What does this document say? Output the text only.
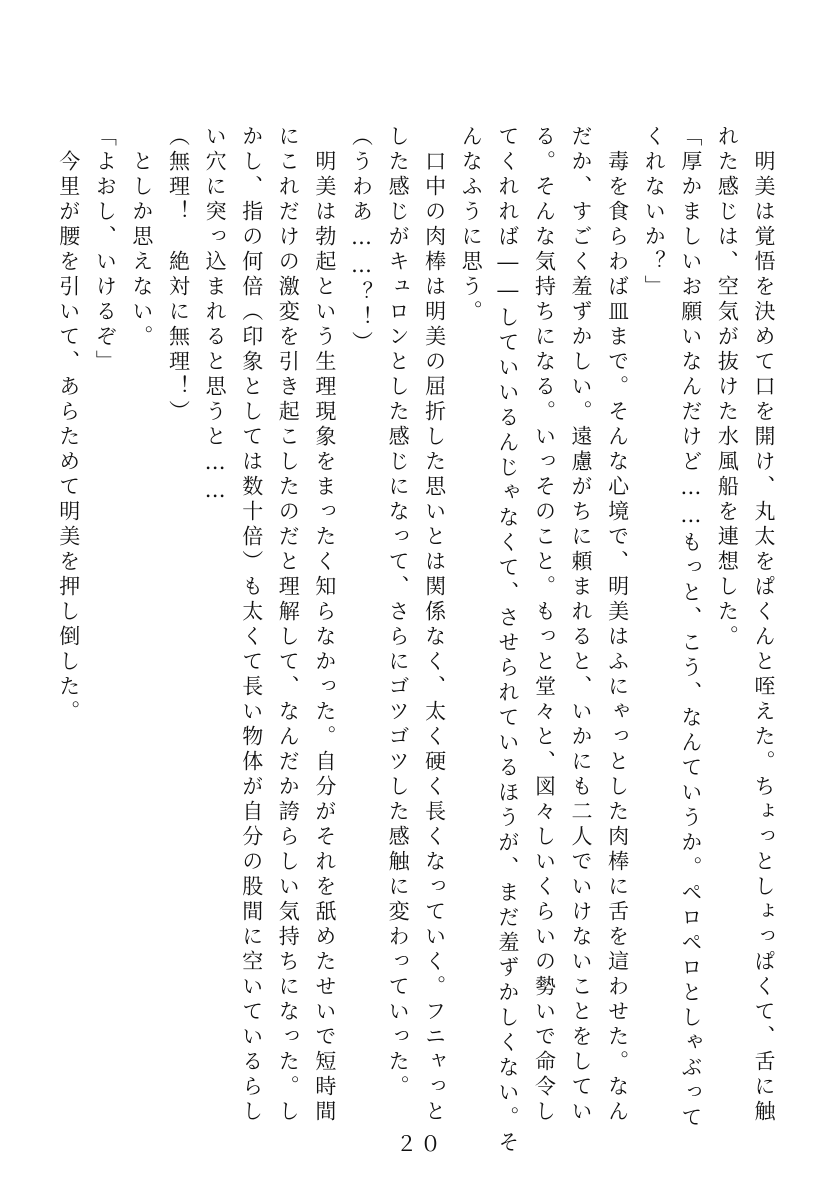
　明美は覚悟を決めて口を開け、丸太をぱくんと咥えた。ちょっとしょっぱくて、舌に触

れた感じは、空気が抜けた水風船を連想した。

「厚かましいお願いなんだけど……もっと、こう、なんていうか。ペロペロとしゃぶって

くれないか？」

　毒を食らわば皿まで。そんな心境で、明美はふにゃっとした肉棒に舌を這わせた。なん

だか、すごく羞ずかしい。遠慮がちに頼まれると、いかにも二人でいけないことをしてい

る。そんな気持ちになる。いっそのこと。もっと堂々と、図々しいくらいの勢いで命令し

てくれれば――していいるんじゃなくて、させられているほうが、まだ羞ずかしくない。そ

んなふうに思う。

　口中の肉棒は明美の屈折した思いとは関係なく、太く硬く長くなっていく。フニャっと

した感じがキュロンとした感じになって、さらにゴツゴツした感触に変わっていった。

（うわあ……？！）

　明美は勃起という生理現象をまったく知らなかった。自分がそれを舐めたせいで短時間

にこれだけの激変を引き起こしたのだと理解して、なんだか誇らしい気持ちになった。し

かし、指の何倍（印象としては数十倍）も太くて長い物体が自分の股間に空いているらし

い穴に突っ込まれると思うと……

（無理！　絶対に無理！）

　としか思えない。

「よおし、いけるぞ」

　今里が腰を引いて、あらためて明美を押し倒した。

２０
